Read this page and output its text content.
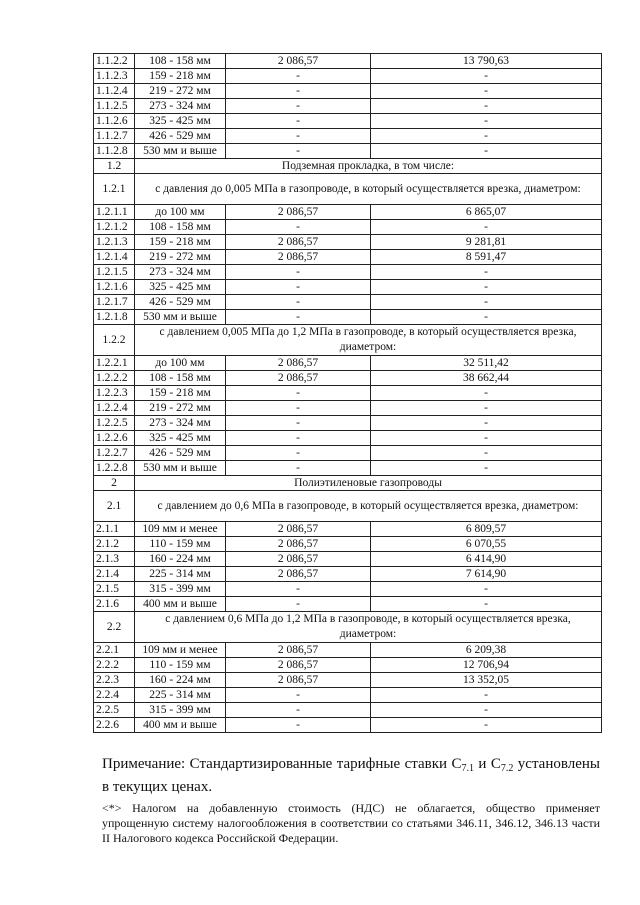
1.1.2.2	108 - 158 мм	2 086,57	13 790,63
1.1.2.3	159 - 218 мм	-	-
1.1.2.4	219 - 272 мм	-	-
1.1.2.5	273 - 324 мм	-	-
1.1.2.6	325 - 425 мм	-	-
1.1.2.7	426 - 529 мм	-	-
1.1.2.8	530 мм и выше	-	-
1.2	Подземная прокладка, в том числе:		
1.2.1	с давления до 0,005 МПа в газопроводе, в который осуществляется врезка, диаметром:		
1.2.1.1	до 100 мм	2 086,57	6 865,07
1.2.1.2	108 - 158 мм	-	-
1.2.1.3	159 - 218 мм	2 086,57	9 281,81
1.2.1.4	219 - 272 мм	2 086,57	8 591,47
1.2.1.5	273 - 324 мм	-	-
1.2.1.6	325 - 425 мм	-	-
1.2.1.7	426 - 529 мм	-	-
1.2.1.8	530 мм и выше	-	-
1.2.2	с давлением 0,005 МПа до 1,2 МПа в газопроводе, в который осуществляется врезка, диаметром:		
1.2.2.1	до 100 мм	2 086,57	32 511,42
1.2.2.2	108 - 158 мм	2 086,57	38 662,44
1.2.2.3	159 - 218 мм	-	-
1.2.2.4	219 - 272 мм	-	-
1.2.2.5	273 - 324 мм	-	-
1.2.2.6	325 - 425 мм	-	-
1.2.2.7	426 - 529 мм	-	-
1.2.2.8	530 мм и выше	-	-
2	Полиэтиленовые газопроводы		
2.1	с давлением до 0,6 МПа в газопроводе, в который осуществляется врезка, диаметром:		
2.1.1	109 мм и менее	2 086,57	6 809,57
2.1.2	110 - 159 мм	2 086,57	6 070,55
2.1.3	160 - 224 мм	2 086,57	6 414,90
2.1.4	225 - 314 мм	2 086,57	7 614,90
2.1.5	315 - 399 мм	-	-
2.1.6	400 мм и выше	-	-
2.2	с давлением 0,6 МПа до 1,2 МПа в газопроводе, в который осуществляется врезка, диаметром:		
2.2.1	109 мм и менее	2 086,57	6 209,38
2.2.2	110 - 159 мм	2 086,57	12 706,94
2.2.3	160 - 224 мм	2 086,57	13 352,05
2.2.4	225 - 314 мм	-	-
2.2.5	315 - 399 мм	-	-
2.2.6	400 мм и выше	-	-
Примечание: Стандартизированные тарифные ставки $С_{7.1}$ и $С_{7.2}$ установлены в текущих ценах.
<*> Налогом на добавленную стоимость (НДС) не облагается, общество применяет упрощенную систему налогообложения в соответствии со статьями 346.11, 346.12, 346.13 части II Налогового кодекса Российской Федерации.
